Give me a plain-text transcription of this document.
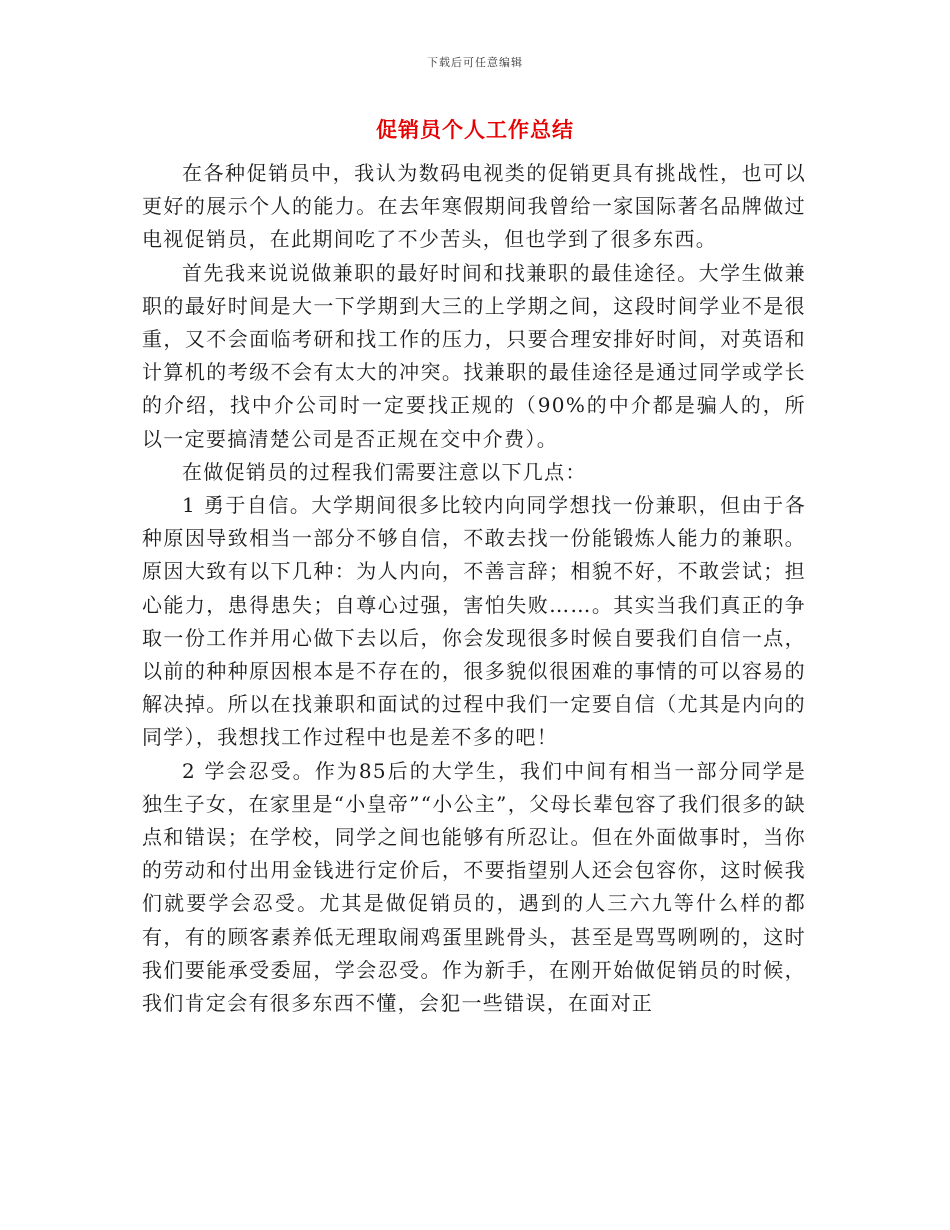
下载后可任意编辑
促销员个人工作总结

在各种促销员中，我认为数码电视类的促销更具有挑战性，也可以更好的展示个人的能力。在去年寒假期间我曾给一家国际著名品牌做过电视促销员，在此期间吃了不少苦头，但也学到了很多东西。

首先我来说说做兼职的最好时间和找兼职的最佳途径。大学生做兼职的最好时间是大一下学期到大三的上学期之间，这段时间学业不是很重，又不会面临考研和找工作的压力，只要合理安排好时间，对英语和计算机的考级不会有太大的冲突。找兼职的最佳途径是通过同学或学长的介绍，找中介公司时一定要找正规的（90%的中介都是骗人的，所以一定要搞清楚公司是否正规在交中介费）。

在做促销员的过程我们需要注意以下几点：

1 勇于自信。大学期间很多比较内向同学想找一份兼职，但由于各种原因导致相当一部分不够自信，不敢去找一份能锻炼人能力的兼职。原因大致有以下几种：为人内向，不善言辞；相貌不好，不敢尝试；担心能力，患得患失；自尊心过强，害怕失败……。其实当我们真正的争取一份工作并用心做下去以后，你会发现很多时候自要我们自信一点，以前的种种原因根本是不存在的，很多貌似很困难的事情的可以容易的解决掉。所以在找兼职和面试的过程中我们一定要自信（尤其是内向的同学），我想找工作过程中也是差不多的吧！

2 学会忍受。作为85后的大学生，我们中间有相当一部分同学是独生子女，在家里是“小皇帝”“小公主”，父母长辈包容了我们很多的缺点和错误；在学校，同学之间也能够有所忍让。但在外面做事时，当你的劳动和付出用金钱进行定价后，不要指望别人还会包容你，这时候我们就要学会忍受。尤其是做促销员的，遇到的人三六九等什么样的都有，有的顾客素养低无理取闹鸡蛋里跳骨头，甚至是骂骂咧咧的，这时我们要能承受委屈，学会忍受。作为新手，在刚开始做促销员的时候，我们肯定会有很多东西不懂，会犯一些错误，在面对正
